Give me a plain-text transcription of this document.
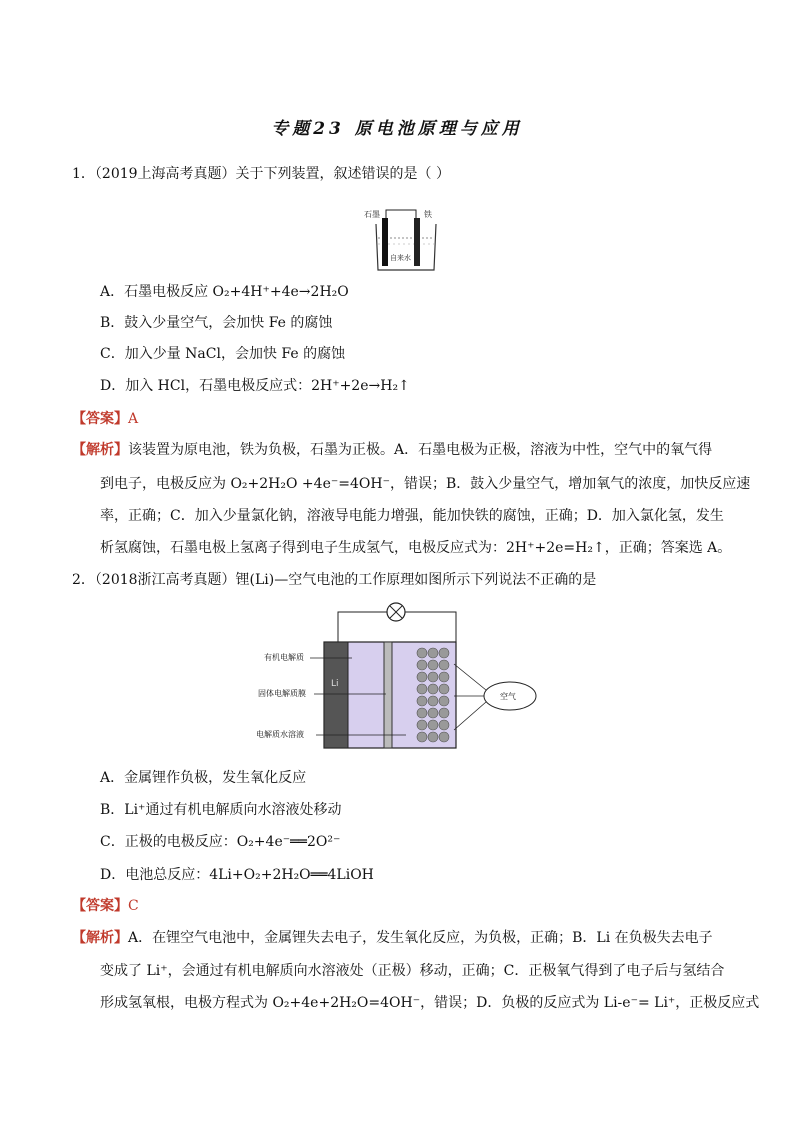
专题23 原电池原理与应用
1．（2019上海高考真题）关于下列装置，叙述错误的是（ ）
石墨	铁
自来水
A．石墨电极反应 O₂+4H⁺+4e→2H₂O
B．鼓入少量空气，会加快 Fe 的腐蚀
C．加入少量 NaCl，会加快 Fe 的腐蚀
D．加入 HCl，石墨电极反应式：2H⁺+2e→H₂↑
【答案】A
【解析】该装置为原电池，铁为负极，石墨为正极。A．石墨电极为正极，溶液为中性，空气中的氧气得
到电子，电极反应为 O₂+2H₂O +4e⁻=4OH⁻，错误；B．鼓入少量空气，增加氧气的浓度，加快反应速
率，正确；C．加入少量氯化钠，溶液导电能力增强，能加快铁的腐蚀，正确；D．加入氯化氢，发生
析氢腐蚀，石墨电极上氢离子得到电子生成氢气，电极反应式为：2H⁺+2e=H₂↑，正确；答案选 A。
2．（2018浙江高考真题）锂(Li)—空气电池的工作原理如图所示下列说法不正确的是
Li
有机电解质
固体电解质膜
电解质水溶液
空气
A．金属锂作负极，发生氧化反应
B．Li⁺通过有机电解质向水溶液处移动
C．正极的电极反应：O₂+4e⁻══2O²⁻
D．电池总反应：4Li+O₂+2H₂O══4LiOH
【答案】C
【解析】A．在锂空气电池中，金属锂失去电子，发生氧化反应，为负极，正确；B．Li 在负极失去电子
变成了 Li⁺，会通过有机电解质向水溶液处（正极）移动，正确；C．正极氧气得到了电子后与氢结合
形成氢氧根，电极方程式为 O₂+4e+2H₂O=4OH⁻，错误；D．负极的反应式为 Li-e⁻= Li⁺，正极反应式
